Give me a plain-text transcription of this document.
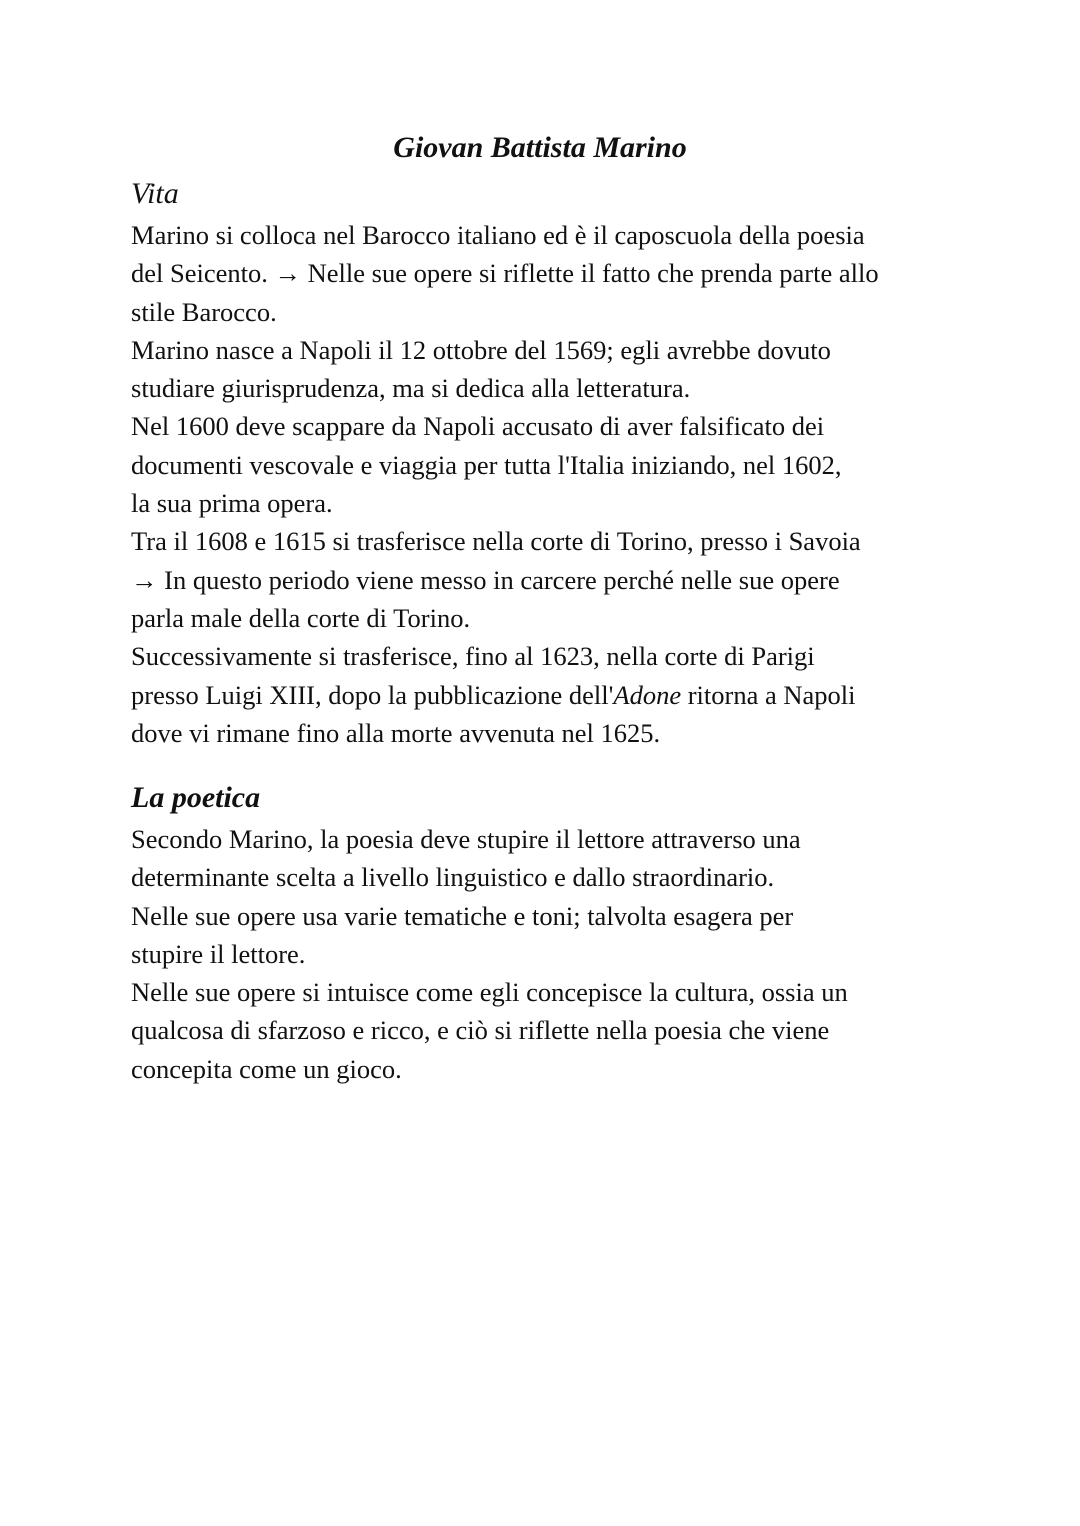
Giovan Battista Marino
Vita
Marino si colloca nel Barocco italiano ed è il caposcuola della poesia
del Seicento. → Nelle sue opere si riflette il fatto che prenda parte allo
stile Barocco.
Marino nasce a Napoli il 12 ottobre del 1569; egli avrebbe dovuto
studiare giurisprudenza, ma si dedica alla letteratura.
Nel 1600 deve scappare da Napoli accusato di aver falsificato dei
documenti vescovale e viaggia per tutta l'Italia iniziando, nel 1602,
la sua prima opera.
Tra il 1608 e 1615 si trasferisce nella corte di Torino, presso i Savoia
→ In questo periodo viene messo in carcere perché nelle sue opere
parla male della corte di Torino.
Successivamente si trasferisce, fino al 1623, nella corte di Parigi
presso Luigi XIII, dopo la pubblicazione dell'Adone ritorna a Napoli
dove vi rimane fino alla morte avvenuta nel 1625.
La poetica
Secondo Marino, la poesia deve stupire il lettore attraverso una
determinante scelta a livello linguistico e dallo straordinario.
Nelle sue opere usa varie tematiche e toni; talvolta esagera per
stupire il lettore.
Nelle sue opere si intuisce come egli concepisce la cultura, ossia un
qualcosa di sfarzoso e ricco, e ciò si riflette nella poesia che viene
concepita come un gioco.
